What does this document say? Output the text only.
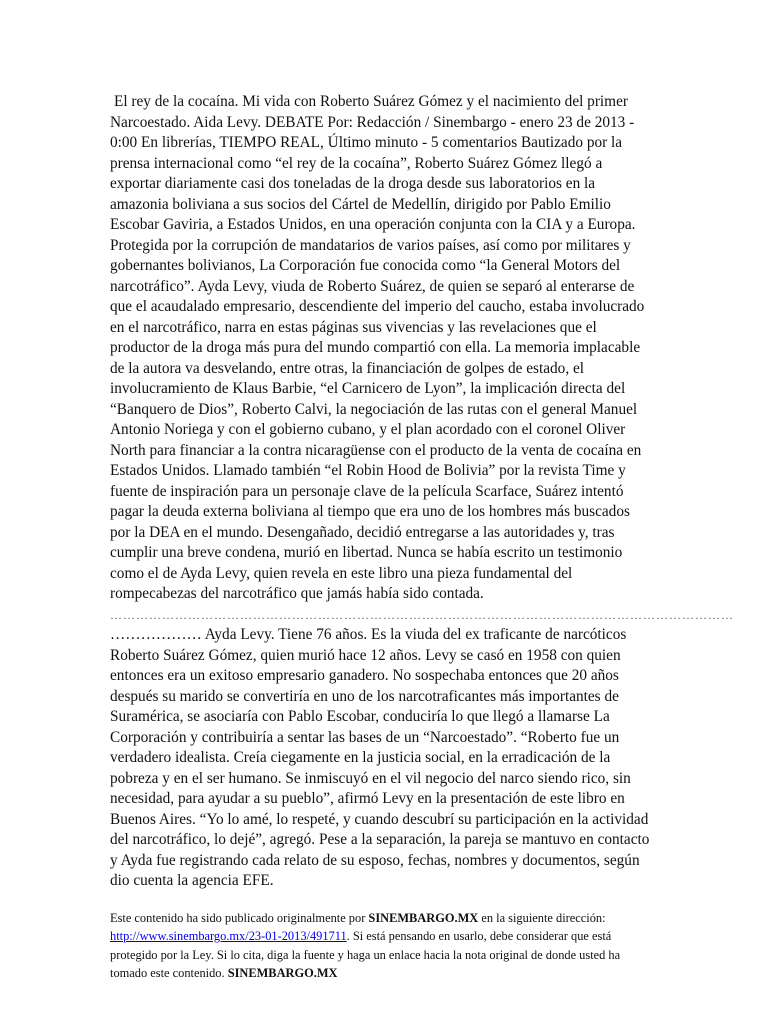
El rey de la cocaína. Mi vida con Roberto Suárez Gómez y el nacimiento del primer Narcoestado. Aida Levy. DEBATE Por: Redacción / Sinembargo - enero 23 de 2013 - 0:00 En librerías, TIEMPO REAL, Último minuto - 5 comentarios Bautizado por la prensa internacional como “el rey de la cocaína”, Roberto Suárez Gómez llegó a exportar diariamente casi dos toneladas de la droga desde sus laboratorios en la amazonia boliviana a sus socios del Cártel de Medellín, dirigido por Pablo Emilio Escobar Gaviria, a Estados Unidos, en una operación conjunta con la CIA y a Europa. Protegida por la corrupción de mandatarios de varios países, así como por militares y gobernantes bolivianos, La Corporación fue conocida como “la General Motors del narcotráfico”. Ayda Levy, viuda de Roberto Suárez, de quien se separó al enterarse de que el acaudalado empresario, descendiente del imperio del caucho, estaba involucrado en el narcotráfico, narra en estas páginas sus vivencias y las revelaciones que el productor de la droga más pura del mundo compartió con ella. La memoria implacable de la autora va desvelando, entre otras, la financiación de golpes de estado, el involucramiento de Klaus Barbie, “el Carnicero de Lyon”, la implicación directa del “Banquero de Dios”, Roberto Calvi, la negociación de las rutas con el general Manuel Antonio Noriega y con el gobierno cubano, y el plan acordado con el coronel Oliver North para financiar a la contra nicaragüense con el producto de la venta de cocaína en Estados Unidos. Llamado también “el Robin Hood de Bolivia” por la revista Time y fuente de inspiración para un personaje clave de la película Scarface, Suárez intentó pagar la deuda externa boliviana al tiempo que era uno de los hombres más buscados por la DEA en el mundo. Desengañado, decidió entregarse a las autoridades y, tras cumplir una breve condena, murió en libertad. Nunca se había escrito un testimonio como el de Ayda Levy, quien revela en este libro una pieza fundamental del rompecabezas del narcotráfico que jamás había sido contada.

………………………………………………………………………………………………………………………………

……………… Ayda Levy. Tiene 76 años. Es la viuda del ex traficante de narcóticos Roberto Suárez Gómez, quien murió hace 12 años. Levy se casó en 1958 con quien entonces era un exitoso empresario ganadero. No sospechaba entonces que 20 años después su marido se convertiría en uno de los narcotraficantes más importantes de Suramérica, se asociaría con Pablo Escobar, conduciría lo que llegó a llamarse La Corporación y contribuiría a sentar las bases de un “Narcoestado”. “Roberto fue un verdadero idealista. Creía ciegamente en la justicia social, en la erradicación de la pobreza y en el ser humano. Se inmiscuyó en el vil negocio del narco siendo rico, sin necesidad, para ayudar a su pueblo”, afirmó Levy en la presentación de este libro en Buenos Aires. “Yo lo amé, lo respeté, y cuando descubrí su participación en la actividad del narcotráfico, lo dejé”, agregó. Pese a la separación, la pareja se mantuvo en contacto y Ayda fue registrando cada relato de su esposo, fechas, nombres y documentos, según dio cuenta la agencia EFE.

Este contenido ha sido publicado originalmente por SINEMBARGO.MX en la siguiente dirección: http://www.sinembargo.mx/23-01-2013/491711. Si está pensando en usarlo, debe considerar que está protegido por la Ley. Si lo cita, diga la fuente y haga un enlace hacia la nota original de donde usted ha tomado este contenido. SINEMBARGO.MX
